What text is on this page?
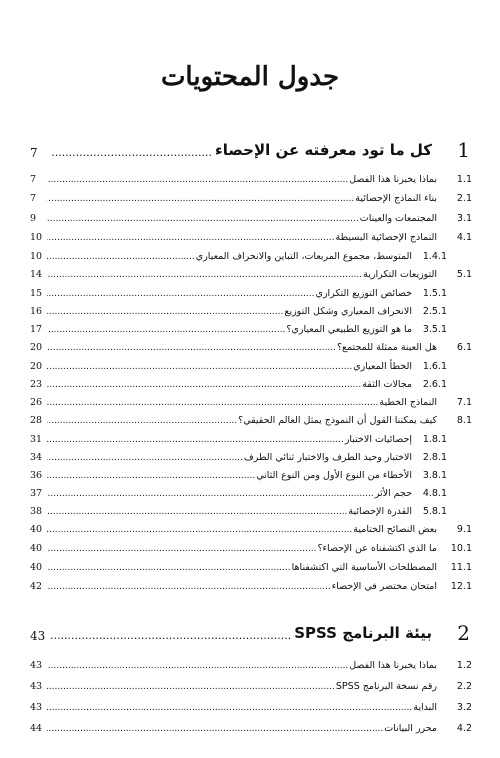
جدول المحتويات
1
كل ما تود معرفته عن الإحصاء
.....
7
1.1
بماذا يخبرنا هذا الفصل
.....
7
2.1
بناء النماذج الإحصائية
.....
7
3.1
المجتمعات والعينات
.....
9
4.1
النماذج الإحصائية البسيطة
.....
10
1.4.1
المتوسط، مجموع المربعات، التباين والانحراف المعياري
.....
10
5.1
التوزيعات التكرارية
.....
14
1.5.1
خصائص التوزيع التكراري
.....
15
2.5.1
الانحراف المعياري وشكل التوزيع
.....
16
3.5.1
ما هو التوزيع الطبيعي المعياري؟
.....
17
6.1
هل العينة ممثلة للمجتمع؟
.....
20
1.6.1
الخطأ المعياري
.....
20
2.6.1
مجالات الثقة
.....
23
7.1
النماذج الخطية
.....
26
8.1
كيف يمكننا القول أن النموذج يمثل العالم الحقيقي؟
.....
28
1.8.1
إحصائيات الاختبار
.....
31
2.8.1
الاختبار وحيد الطرف والاختبار ثنائي الطرف
.....
34
3.8.1
الأخطاء من النوع الأول ومن النوع الثاني
.....
36
4.8.1
حجم الأثر
.....
37
5.8.1
القدرة الإحصائية
.....
38
9.1
بعض النصائح الختامية
.....
40
10.1
ما الذي اكتشفناه عن الإحصاء؟
.....
40
11.1
المصطلحات الأساسية التي اكتشفناها
.....
40
12.1
امتحان مختصر في الإحصاء
.....
42
2
بيئة البرنامج SPSS
.....
43
1.2
بماذا يخبرنا هذا الفصل
.....
43
2.2
رقم نسخة البرنامج SPSS
.....
43
3.2
البداية
.....
43
4.2
محرر البيانات
.....
44
